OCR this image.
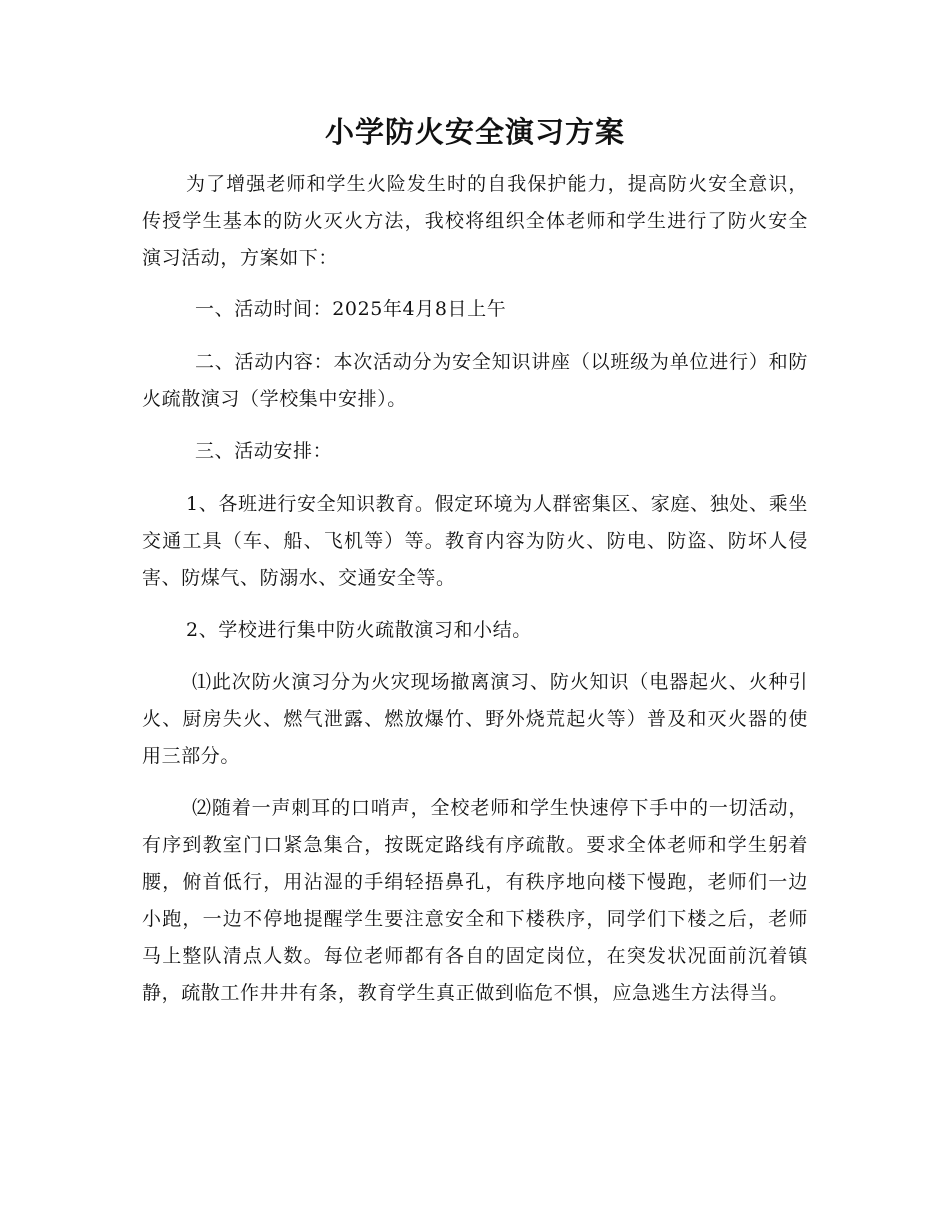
小学防火安全演习方案

为了增强老师和学生火险发生时的自我保护能力，提高防火安全意识，传授学生基本的防火灭火方法，我校将组织全体老师和学生进行了防火安全演习活动，方案如下：

一、活动时间：2025年4月8日上午

二、活动内容：本次活动分为安全知识讲座（以班级为单位进行）和防火疏散演习（学校集中安排）。

三、活动安排：

1、各班进行安全知识教育。假定环境为人群密集区、家庭、独处、乘坐交通工具（车、船、飞机等）等。教育内容为防火、防电、防盗、防坏人侵害、防煤气、防溺水、交通安全等。

2、学校进行集中防火疏散演习和小结。

⑴此次防火演习分为火灾现场撤离演习、防火知识（电器起火、火种引火、厨房失火、燃气泄露、燃放爆竹、野外烧荒起火等）普及和灭火器的使用三部分。

⑵随着一声刺耳的口哨声，全校老师和学生快速停下手中的一切活动，有序到教室门口紧急集合，按既定路线有序疏散。要求全体老师和学生躬着腰，俯首低行，用沾湿的手绢轻捂鼻孔，有秩序地向楼下慢跑，老师们一边小跑，一边不停地提醒学生要注意安全和下楼秩序，同学们下楼之后，老师马上整队清点人数。每位老师都有各自的固定岗位，在突发状况面前沉着镇静，疏散工作井井有条，教育学生真正做到临危不惧，应急逃生方法得当。
